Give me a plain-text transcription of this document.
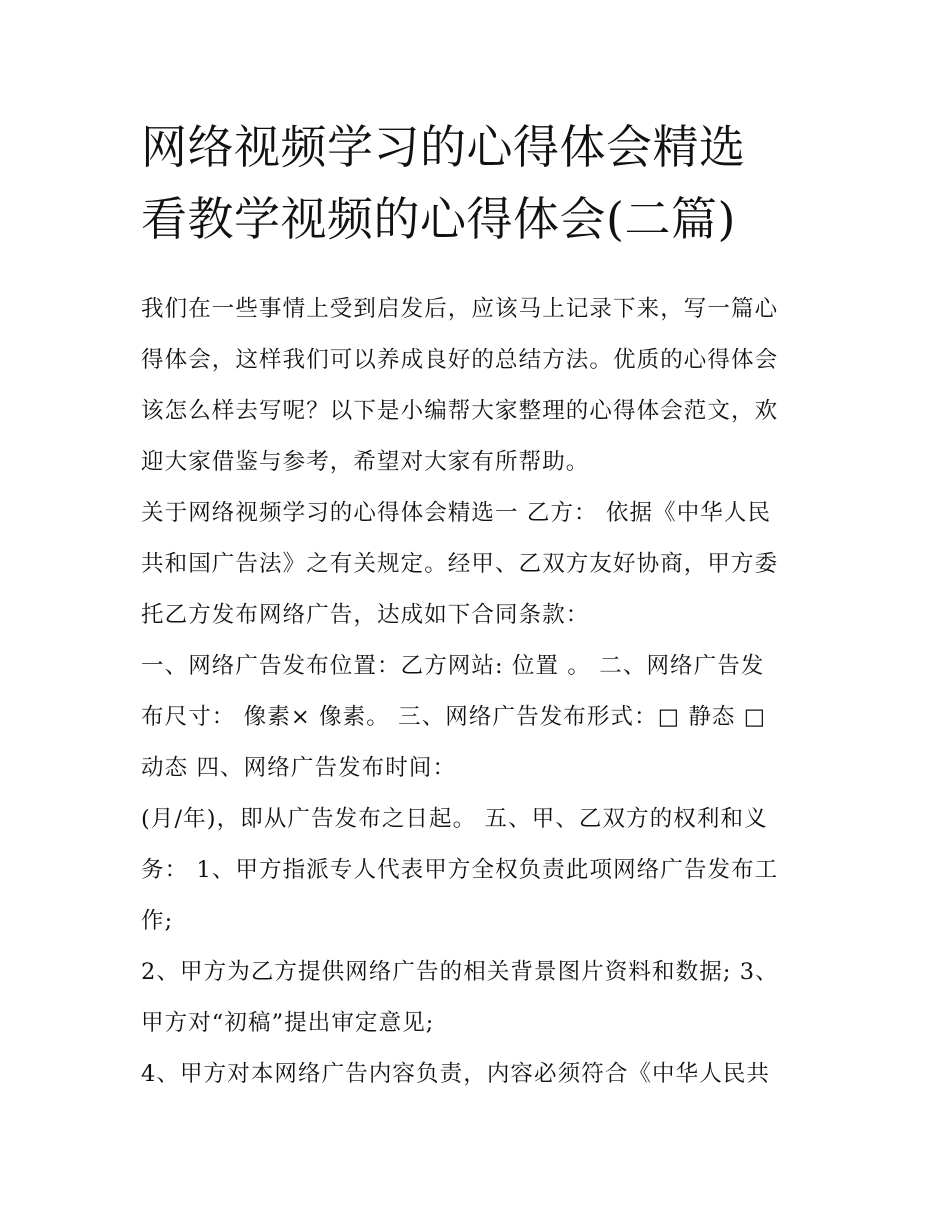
网络视频学习的心得体会精选
看教学视频的心得体会(二篇)

我们在一些事情上受到启发后，应该马上记录下来，写一篇心
得体会，这样我们可以养成良好的总结方法。优质的心得体会
该怎么样去写呢？以下是小编帮大家整理的心得体会范文，欢
迎大家借鉴与参考，希望对大家有所帮助。

关于网络视频学习的心得体会精选一 乙方： 依据《中华人民
共和国广告法》之有关规定。经甲、乙双方友好协商，甲方委
托乙方发布网络广告，达成如下合同条款：

一、网络广告发布位置：乙方网站: 位置 。 二、网络广告发
布尺寸： 像素× 像素。 三、网络广告发布形式：□ 静态 □
动态 四、网络广告发布时间：

(月/年)，即从广告发布之日起。 五、甲、乙双方的权利和义
务： 1、甲方指派专人代表甲方全权负责此项网络广告发布工
作;

2、甲方为乙方提供网络广告的相关背景图片资料和数据; 3、
甲方对“初稿”提出审定意见;

4、甲方对本网络广告内容负责，内容必须符合《中华人民共
